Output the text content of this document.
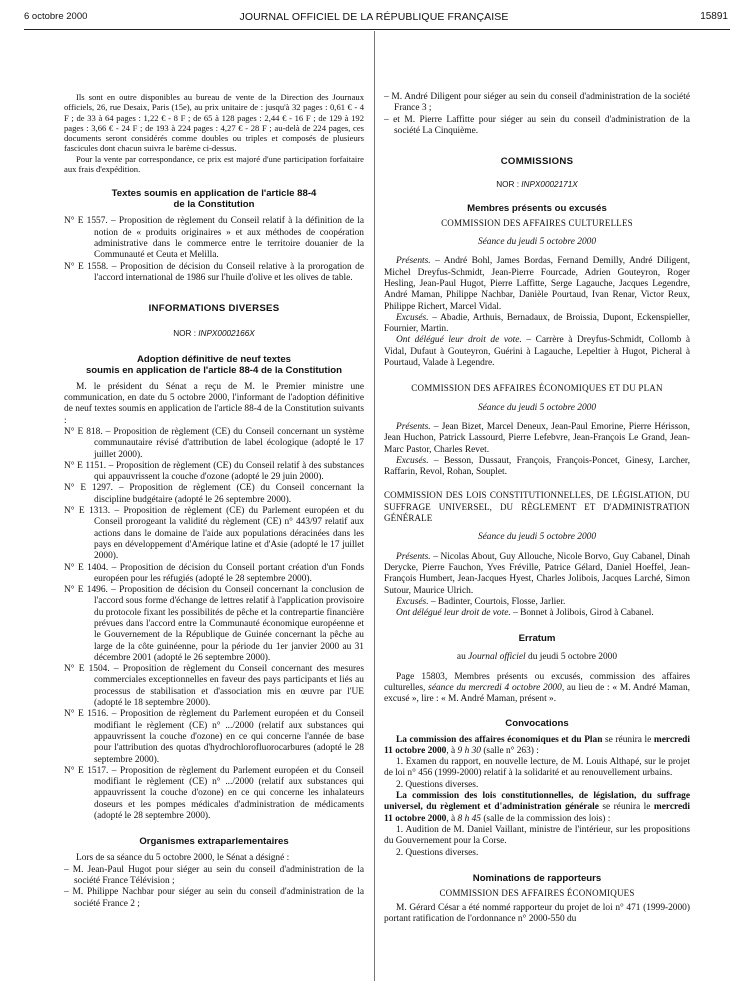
6 octobre 2000	JOURNAL OFFICIEL DE LA RÉPUBLIQUE FRANÇAISE	15891

Ils sont en outre disponibles au bureau de vente de la Direction des Journaux officiels, 26, rue Desaix, Paris (15e), au prix unitaire de : jusqu'à 32 pages : 0,61 € - 4 F ; de 33 à 64 pages : 1,22 € - 8 F ; de 65 à 128 pages : 2,44 € - 16 F ; de 129 à 192 pages : 3,66 € - 24 F ; de 193 à 224 pages : 4,27 € - 28 F ; au-delà de 224 pages, ces documents seront considérés comme doubles ou triples et composés de plusieurs fascicules dont chacun suivra le barème ci-dessus.

Pour la vente par correspondance, ce prix est majoré d'une participation forfaitaire aux frais d'expédition.

Textes soumis en application de l'article 88-4

de la Constitution

N° E 1557. – Proposition de règlement du Conseil relatif à la définition de la notion de « produits originaires » et aux méthodes de coopération administrative dans le commerce entre le territoire douanier de la Communauté et Ceuta et Melilla.

N° E 1558. – Proposition de décision du Conseil relative à la prorogation de l'accord international de 1986 sur l'huile d'olive et les olives de table.

INFORMATIONS DIVERSES

NOR : INPX0002166X

Adoption définitive de neuf textes

soumis en application de l'article 88-4 de la Constitution

M. le président du Sénat a reçu de M. le Premier ministre une communication, en date du 5 octobre 2000, l'informant de l'adoption définitive de neuf textes soumis en application de l'article 88-4 de la Constitution suivants :

N° E 818. – Proposition de règlement (CE) du Conseil concernant un système communautaire révisé d'attribution de label écologique (adopté le 17 juillet 2000).

N° E 1151. – Proposition de règlement (CE) du Conseil relatif à des substances qui appauvrissent la couche d'ozone (adopté le 29 juin 2000).

N° E 1297. – Proposition de règlement (CE) du Conseil concernant la discipline budgétaire (adopté le 26 septembre 2000).

N° E 1313. – Proposition de règlement (CE) du Parlement européen et du Conseil prorogeant la validité du règlement (CE) n° 443/97 relatif aux actions dans le domaine de l'aide aux populations déracinées dans les pays en développement d'Amérique latine et d'Asie (adopté le 17 juillet 2000).

N° E 1404. – Proposition de décision du Conseil portant création d'un Fonds européen pour les réfugiés (adopté le 28 septembre 2000).

N° E 1496. – Proposition de décision du Conseil concernant la conclusion de l'accord sous forme d'échange de lettres relatif à l'application provisoire du protocole fixant les possibilités de pêche et la contrepartie financière prévues dans l'accord entre la Communauté économique européenne et le Gouvernement de la République de Guinée concernant la pêche au large de la côte guinéenne, pour la période du 1er janvier 2000 au 31 décembre 2001 (adopté le 26 septembre 2000).

N° E 1504. – Proposition de règlement du Conseil concernant des mesures commerciales exceptionnelles en faveur des pays participants et liés au processus de stabilisation et d'association mis en œuvre par l'UE (adopté le 18 septembre 2000).

N° E 1516. – Proposition de règlement du Parlement européen et du Conseil modifiant le règlement (CE) n° .../2000 (relatif aux substances qui appauvrissent la couche d'ozone) en ce qui concerne l'année de base pour l'attribution des quotas d'hydrochlorofluorocarbures (adopté le 28 septembre 2000).

N° E 1517. – Proposition de règlement du Parlement européen et du Conseil modifiant le règlement (CE) n° .../2000 (relatif aux substances qui appauvrissent la couche d'ozone) en ce qui concerne les inhalateurs doseurs et les pompes médicales d'administration de médicaments (adopté le 28 septembre 2000).

Organismes extraparlementaires

Lors de sa séance du 5 octobre 2000, le Sénat a désigné :

– M. Jean-Paul Hugot pour siéger au sein du conseil d'administration de la société France Télévision ;

– M. Philippe Nachbar pour siéger au sein du conseil d'administration de la société France 2 ;

– M. André Diligent pour siéger au sein du conseil d'administration de la société France 3 ;

– et M. Pierre Laffitte pour siéger au sein du conseil d'administration de la société La Cinquième.

COMMISSIONS

NOR : INPX0002171X

Membres présents ou excusés

COMMISSION DES AFFAIRES CULTURELLES

Séance du jeudi 5 octobre 2000

Présents. – André Bohl, James Bordas, Fernand Demilly, André Diligent, Michel Dreyfus-Schmidt, Jean-Pierre Fourcade, Adrien Gouteyron, Roger Hesling, Jean-Paul Hugot, Pierre Laffitte, Serge Lagauche, Jacques Legendre, André Maman, Philippe Nachbar, Danièle Pourtaud, Ivan Renar, Victor Reux, Philippe Richert, Marcel Vidal.

Excusés. – Abadie, Arthuis, Bernadaux, de Broissia, Dupont, Eckenspieller, Fournier, Martin.

Ont délégué leur droit de vote. – Carrère à Dreyfus-Schmidt, Collomb à Vidal, Dufaut à Gouteyron, Guérini à Lagauche, Lepeltier à Hugot, Picheral à Pourtaud, Valade à Legendre.

COMMISSION DES AFFAIRES ÉCONOMIQUES ET DU PLAN

Séance du jeudi 5 octobre 2000

Présents. – Jean Bizet, Marcel Deneux, Jean-Paul Emorine, Pierre Hérisson, Jean Huchon, Patrick Lassourd, Pierre Lefebvre, Jean-François Le Grand, Jean-Marc Pastor, Charles Revet.

Excusés. – Besson, Dussaut, François, François-Poncet, Ginesy, Larcher, Raffarin, Revol, Rohan, Souplet.

COMMISSION DES LOIS CONSTITUTIONNELLES, DE LÉGISLATION, DU SUFFRAGE UNIVERSEL, DU RÈGLEMENT ET D'ADMINISTRATION GÉNÉRALE

Séance du jeudi 5 octobre 2000

Présents. – Nicolas About, Guy Allouche, Nicole Borvo, Guy Cabanel, Dinah Derycke, Pierre Fauchon, Yves Fréville, Patrice Gélard, Daniel Hoeffel, Jean-François Humbert, Jean-Jacques Hyest, Charles Jolibois, Jacques Larché, Simon Sutour, Maurice Ulrich.

Excusés. – Badinter, Courtois, Flosse, Jarlier.

Ont délégué leur droit de vote. – Bonnet à Jolibois, Girod à Cabanel.

Erratum

au Journal officiel du jeudi 5 octobre 2000

Page 15803, Membres présents ou excusés, commission des affaires culturelles, séance du mercredi 4 octobre 2000, au lieu de : « M. André Maman, excusé », lire : « M. André Maman, présent ».

Convocations

La commission des affaires économiques et du Plan se réunira le mercredi 11 octobre 2000, à 9 h 30 (salle n° 263) :

1. Examen du rapport, en nouvelle lecture, de M. Louis Althapé, sur le projet de loi n° 456 (1999-2000) relatif à la solidarité et au renouvellement urbains.

2. Questions diverses.

La commission des lois constitutionnelles, de législation, du suffrage universel, du règlement et d'administration générale se réunira le mercredi 11 octobre 2000, à 8 h 45 (salle de la commission des lois) :

1. Audition de M. Daniel Vaillant, ministre de l'intérieur, sur les propositions du Gouvernement pour la Corse.

2. Questions diverses.

Nominations de rapporteurs

COMMISSION DES AFFAIRES ÉCONOMIQUES

M. Gérard César a été nommé rapporteur du projet de loi n° 471 (1999-2000) portant ratification de l'ordonnance n° 2000-550 du
